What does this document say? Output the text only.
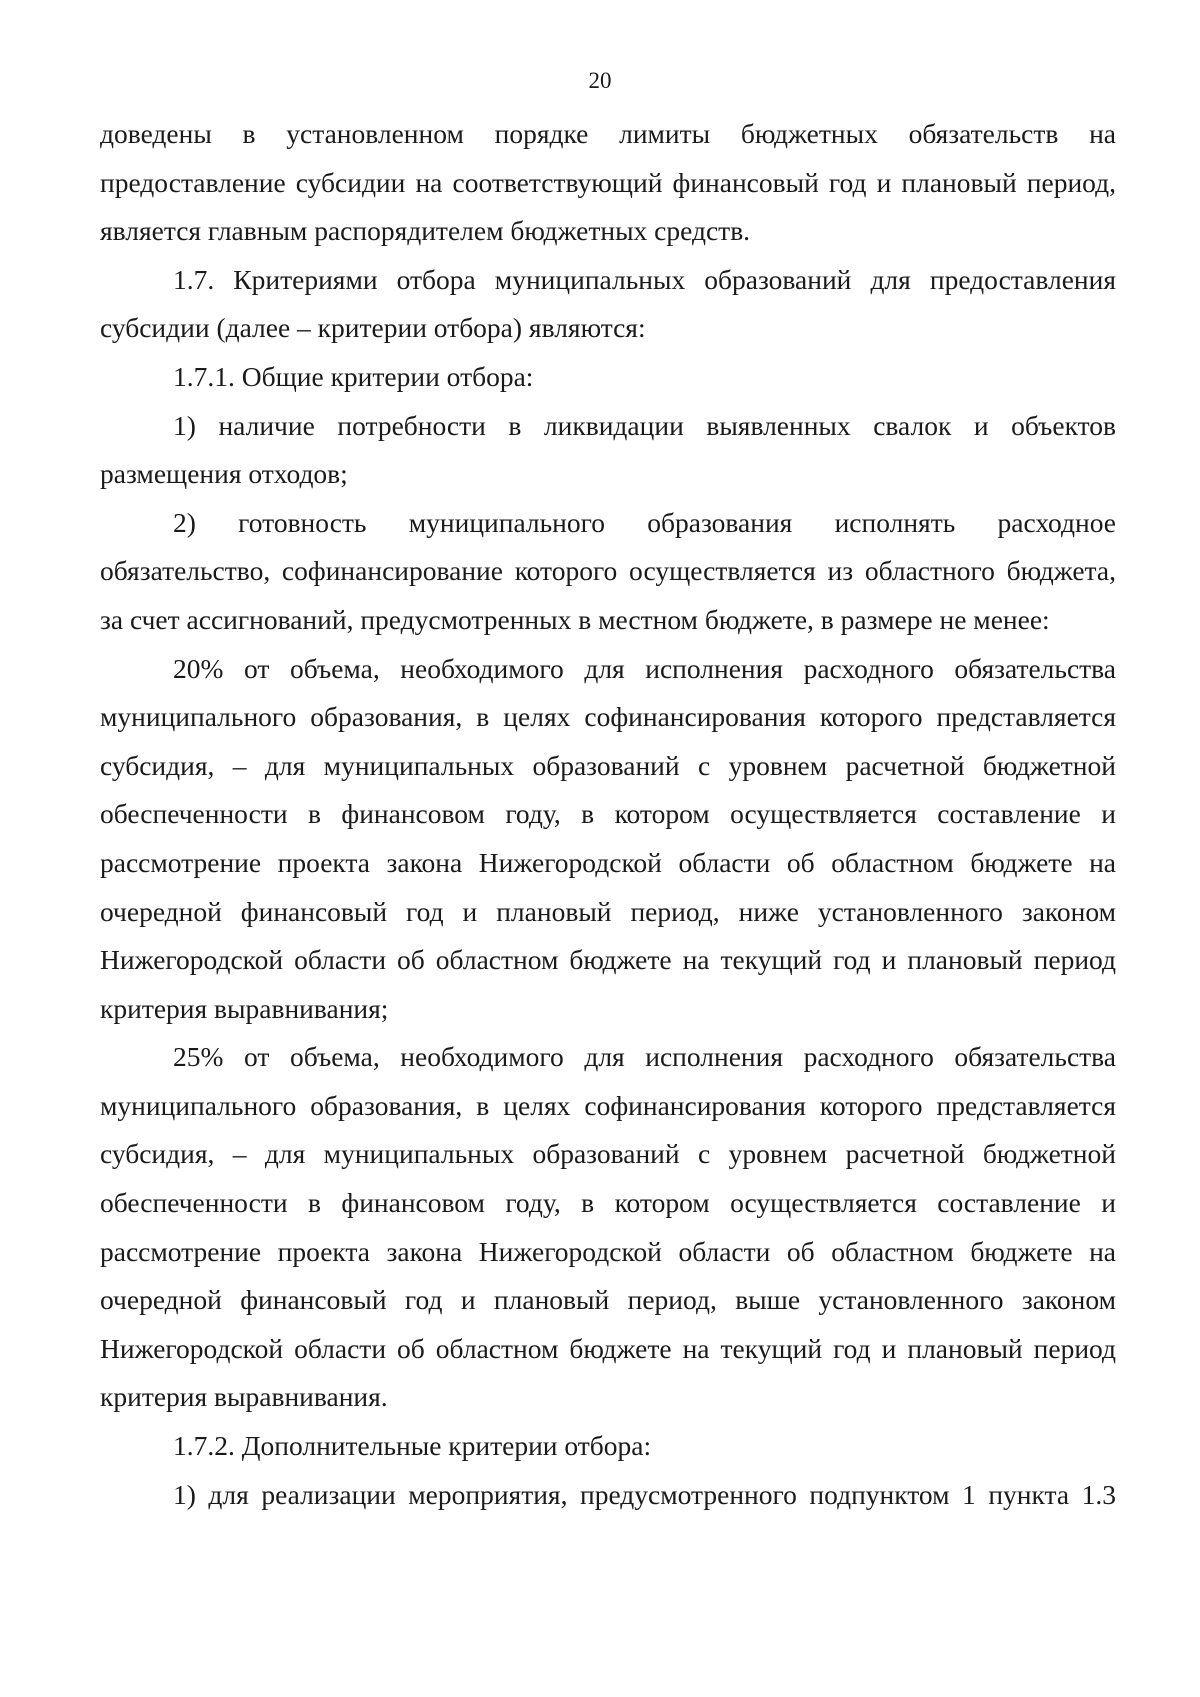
20

доведены в установленном порядке лимиты бюджетных обязательств на предоставление субсидии на соответствующий финансовый год и плановый период, является главным распорядителем бюджетных средств.

1.7. Критериями отбора муниципальных образований для предоставления субсидии (далее – критерии отбора) являются:

1.7.1. Общие критерии отбора:

1) наличие потребности в ликвидации выявленных свалок и объектов размещения отходов;

2) готовность муниципального образования исполнять расходное обязательство, софинансирование которого осуществляется из областного бюджета, за счет ассигнований, предусмотренных в местном бюджете, в размере не менее:

20% от объема, необходимого для исполнения расходного обязательства муниципального образования, в целях софинансирования которого представляется субсидия, – для муниципальных образований с уровнем расчетной бюджетной обеспеченности в финансовом году, в котором осуществляется составление и рассмотрение проекта закона Нижегородской области об областном бюджете на очередной финансовый год и плановый период, ниже установленного законом Нижегородской области об областном бюджете на текущий год и плановый период критерия выравнивания;

25% от объема, необходимого для исполнения расходного обязательства муниципального образования, в целях софинансирования которого представляется субсидия, – для муниципальных образований с уровнем расчетной бюджетной обеспеченности в финансовом году, в котором осуществляется составление и рассмотрение проекта закона Нижегородской области об областном бюджете на очередной финансовый год и плановый период, выше установленного законом Нижегородской области об областном бюджете на текущий год и плановый период критерия выравнивания.

1.7.2. Дополнительные критерии отбора:

1) для реализации мероприятия, предусмотренного подпунктом 1 пункта 1.3
